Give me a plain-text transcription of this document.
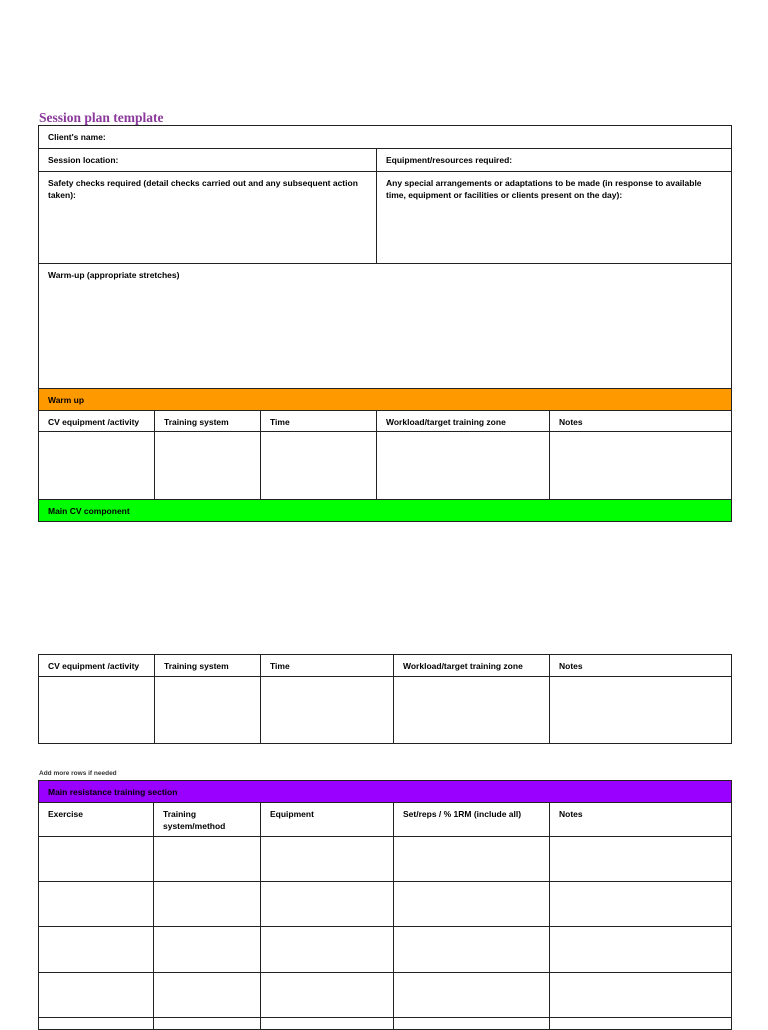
Session plan template
Client's name:				
Session location:			Equipment/resources required:	
Safety checks required (detail checks carried out and any subsequent action taken):			Any special arrangements or adaptations to be made (in response to available time, equipment or facilities or clients present on the day):	
Warm-up (appropriate stretches)				
Warm up				
CV equipment /activity	Training system	Time	Workload/target training zone	Notes

Main CV component				
CV equipment /activity	Training system	Time	Workload/target training zone	Notes

Add more rows if needed
Main resistance training section				
Exercise	Training system/method	Equipment	Set/reps / % 1RM (include all)	Notes
